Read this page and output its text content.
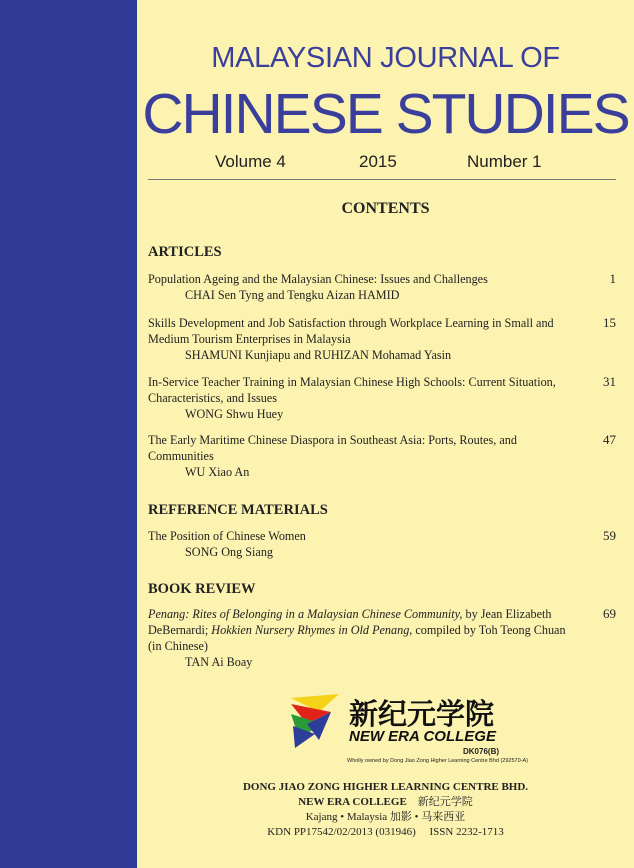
MALAYSIAN JOURNAL OF
CHINESE STUDIES
Volume 4	2015	Number 1
CONTENTS
ARTICLES
Population Ageing and the Malaysian Chinese: Issues and Challenges
CHAI Sen Tyng and Tengku Aizan HAMID
1
Skills Development and Job Satisfaction through Workplace Learning in Small and Medium Tourism Enterprises in Malaysia
SHAMUNI Kunjiapu and RUHIZAN Mohamad Yasin
15
In-Service Teacher Training in Malaysian Chinese High Schools: Current Situation, Characteristics, and Issues
WONG Shwu Huey
31
The Early Maritime Chinese Diaspora in Southeast Asia: Ports, Routes, and Communities
WU Xiao An
47
REFERENCE MATERIALS
The Position of Chinese Women
SONG Ong Siang
59
BOOK REVIEW
Penang: Rites of Belonging in a Malaysian Chinese Community, by Jean Elizabeth DeBernardi; Hokkien Nursery Rhymes in Old Penang, compiled by Toh Teong Chuan (in Chinese)
TAN Ai Boay
69
新纪元学院
NEW ERA COLLEGE
DK076(B)
Wholly owned by Dong Jiao Zong Higher Learning Centre Bhd (292570-A)
DONG JIAO ZONG HIGHER LEARNING CENTRE BHD.
NEW ERA COLLEGE 新纪元学院
Kajang • Malaysia 加影 • 马来西亚
KDN PP17542/02/2013 (031946)     ISSN 2232-1713
